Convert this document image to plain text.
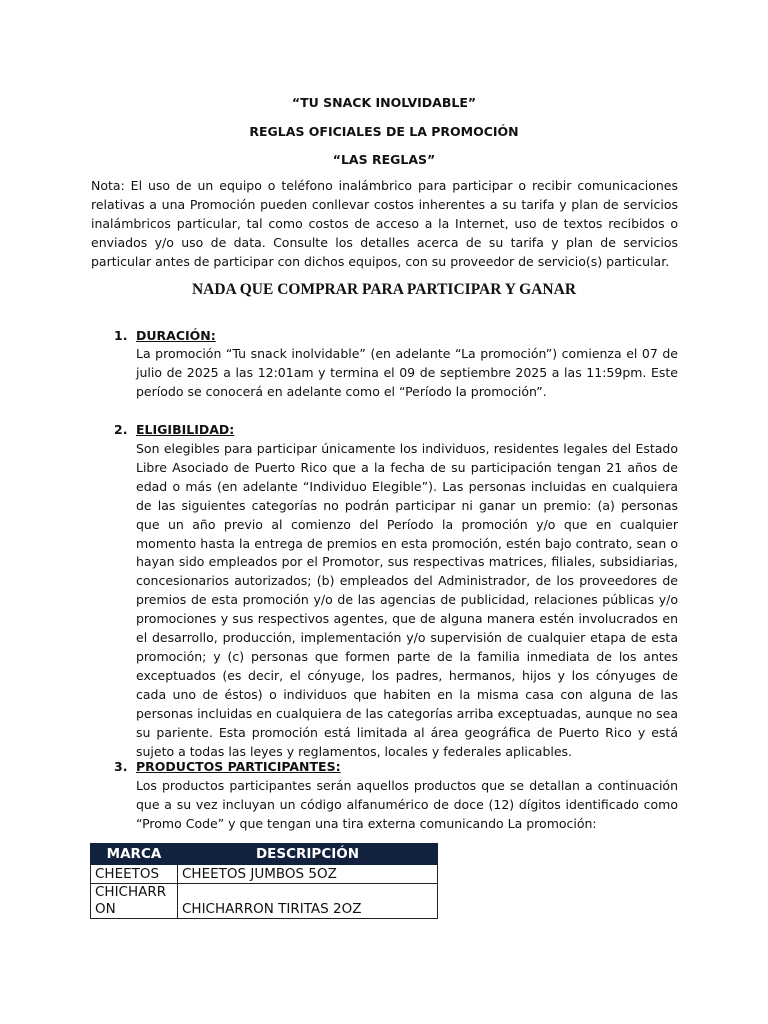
“TU SNACK INOLVIDABLE”
REGLAS OFICIALES DE LA PROMOCIÓN
“LAS REGLAS”
Nota: El uso de un equipo o teléfono inalámbrico para participar o recibir comunicaciones relativas a una Promoción pueden conllevar costos inherentes a su tarifa y plan de servicios inalámbricos particular, tal como costos de acceso a la Internet, uso de textos recibidos o enviados y/o uso de data. Consulte los detalles acerca de su tarifa y plan de servicios particular antes de participar con dichos equipos, con su proveedor de servicio(s) particular.
NADA QUE COMPRAR PARA PARTICIPAR Y GANAR
1. DURACIÓN:
La promoción “Tu snack inolvidable” (en adelante “La promoción”) comienza el 07 de julio de 2025 a las 12:01am y termina el 09 de septiembre 2025 a las 11:59pm. Este período se conocerá en adelante como el “Período la promoción”.
2. ELIGIBILIDAD:
Son elegibles para participar únicamente los individuos, residentes legales del Estado Libre Asociado de Puerto Rico que a la fecha de su participación tengan 21 años de edad o más (en adelante “Individuo Elegible”). Las personas incluidas en cualquiera de las siguientes categorías no podrán participar ni ganar un premio: (a) personas que un año previo al comienzo del Período la promoción y/o que en cualquier momento hasta la entrega de premios en esta promoción, estén bajo contrato, sean o hayan sido empleados por el Promotor, sus respectivas matrices, filiales, subsidiarias, concesionarios autorizados; (b) empleados del Administrador, de los proveedores de premios de esta promoción y/o de las agencias de publicidad, relaciones públicas y/o promociones y sus respectivos agentes, que de alguna manera estén involucrados en el desarrollo, producción, implementación y/o supervisión de cualquier etapa de esta promoción; y (c) personas que formen parte de la familia inmediata de los antes exceptuados (es decir, el cónyuge, los padres, hermanos, hijos y los cónyuges de cada uno de éstos) o individuos que habiten en la misma casa con alguna de las personas incluidas en cualquiera de las categorías arriba exceptuadas, aunque no sea su pariente. Esta promoción está limitada al área geográfica de Puerto Rico y está sujeto a todas las leyes y reglamentos, locales y federales aplicables.
3. PRODUCTOS PARTICIPANTES:
Los productos participantes serán aquellos productos que se detallan a continuación que a su vez incluyan un código alfanumérico de doce (12) dígitos identificado como “Promo Code” y que tengan una tira externa comunicando La promoción:
MARCA	DESCRIPCIÓN
CHEETOS	CHEETOS JUMBOS 5OZ
CHICHARR ON	CHICHARRON TIRITAS 2OZ
